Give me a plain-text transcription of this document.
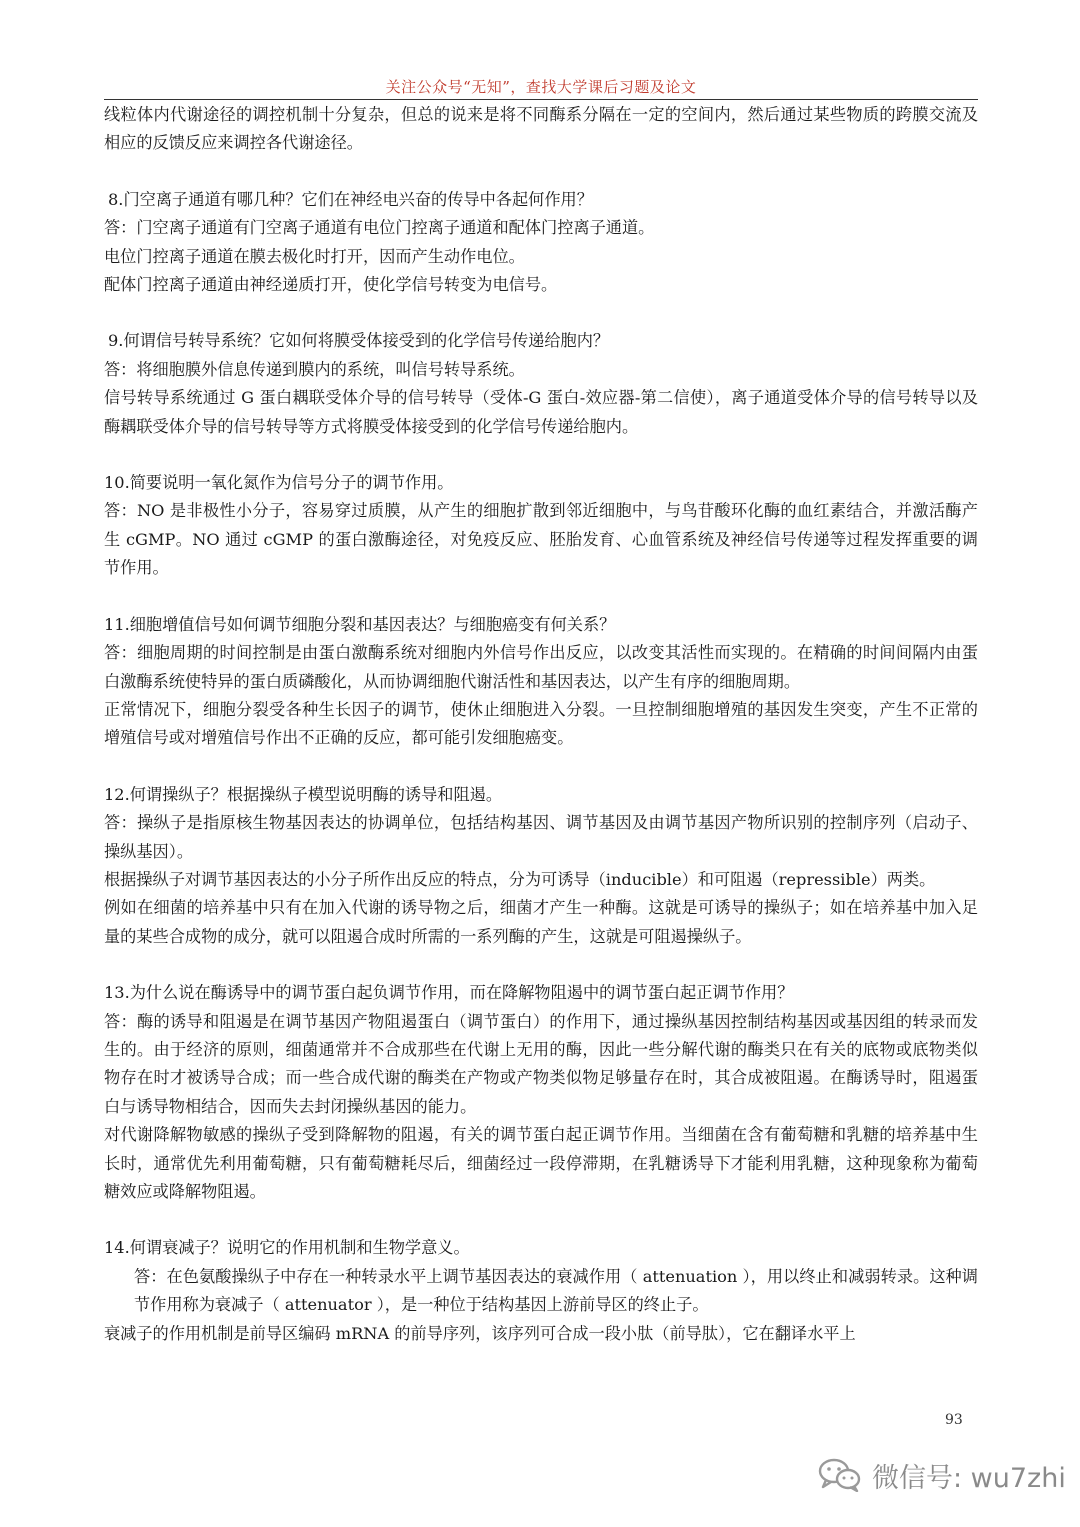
关注公众号“无知”，查找大学课后习题及论文

线粒体内代谢途径的调控机制十分复杂，但总的说来是将不同酶系分隔在一定的空间内，然后通过某些物质的跨膜交流及相应的反馈反应来调控各代谢途径。

8.门空离子通道有哪几种？它们在神经电兴奋的传导中各起何作用？

答：门空离子通道有门空离子通道有电位门控离子通道和配体门控离子通道。

电位门控离子通道在膜去极化时打开，因而产生动作电位。

配体门控离子通道由神经递质打开，使化学信号转变为电信号。

9.何谓信号转导系统？它如何将膜受体接受到的化学信号传递给胞内？

答：将细胞膜外信息传递到膜内的系统，叫信号转导系统。

信号转导系统通过 G 蛋白耦联受体介导的信号转导（受体-G 蛋白-效应器-第二信使），离子通道受体介导的信号转导以及酶耦联受体介导的信号转导等方式将膜受体接受到的化学信号传递给胞内。

10.简要说明一氧化氮作为信号分子的调节作用。

答：NO 是非极性小分子，容易穿过质膜，从产生的细胞扩散到邻近细胞中，与鸟苷酸环化酶的血红素结合，并激活酶产生 cGMP。NO 通过 cGMP 的蛋白激酶途径，对免疫反应、胚胎发育、心血管系统及神经信号传递等过程发挥重要的调节作用。

11.细胞增值信号如何调节细胞分裂和基因表达？与细胞癌变有何关系？

答：细胞周期的时间控制是由蛋白激酶系统对细胞内外信号作出反应，以改变其活性而实现的。在精确的时间间隔内由蛋白激酶系统使特异的蛋白质磷酸化，从而协调细胞代谢活性和基因表达，以产生有序的细胞周期。

正常情况下，细胞分裂受各种生长因子的调节，使休止细胞进入分裂。一旦控制细胞增殖的基因发生突变，产生不正常的增殖信号或对增殖信号作出不正确的反应，都可能引发细胞癌变。

12.何谓操纵子？根据操纵子模型说明酶的诱导和阻遏。

答：操纵子是指原核生物基因表达的协调单位，包括结构基因、调节基因及由调节基因产物所识别的控制序列（启动子、操纵基因）。

根据操纵子对调节基因表达的小分子所作出反应的特点，分为可诱导（inducible）和可阻遏（repressible）两类。

例如在细菌的培养基中只有在加入代谢的诱导物之后，细菌才产生一种酶。这就是可诱导的操纵子；如在培养基中加入足量的某些合成物的成分，就可以阻遏合成时所需的一系列酶的产生，这就是可阻遏操纵子。

13.为什么说在酶诱导中的调节蛋白起负调节作用，而在降解物阻遏中的调节蛋白起正调节作用？

答：酶的诱导和阻遏是在调节基因产物阻遏蛋白（调节蛋白）的作用下，通过操纵基因控制结构基因或基因组的转录而发生的。由于经济的原则，细菌通常并不合成那些在代谢上无用的酶，因此一些分解代谢的酶类只在有关的底物或底物类似物存在时才被诱导合成；而一些合成代谢的酶类在产物或产物类似物足够量存在时，其合成被阻遏。在酶诱导时，阻遏蛋白与诱导物相结合，因而失去封闭操纵基因的能力。

对代谢降解物敏感的操纵子受到降解物的阻遏，有关的调节蛋白起正调节作用。当细菌在含有葡萄糖和乳糖的培养基中生长时，通常优先利用葡萄糖，只有葡萄糖耗尽后，细菌经过一段停滞期，在乳糖诱导下才能利用乳糖，这种现象称为葡萄糖效应或降解物阻遏。

14.何谓衰减子？说明它的作用机制和生物学意义。

答：在色氨酸操纵子中存在一种转录水平上调节基因表达的衰减作用（ attenuation ），用以终止和减弱转录。这种调节作用称为衰减子（ attenuator ），是一种位于结构基因上游前导区的终止子。

衰减子的作用机制是前导区编码 mRNA 的前导序列，该序列可合成一段小肽（前导肽），它在翻译水平上

93
微信号: wu7zhi
